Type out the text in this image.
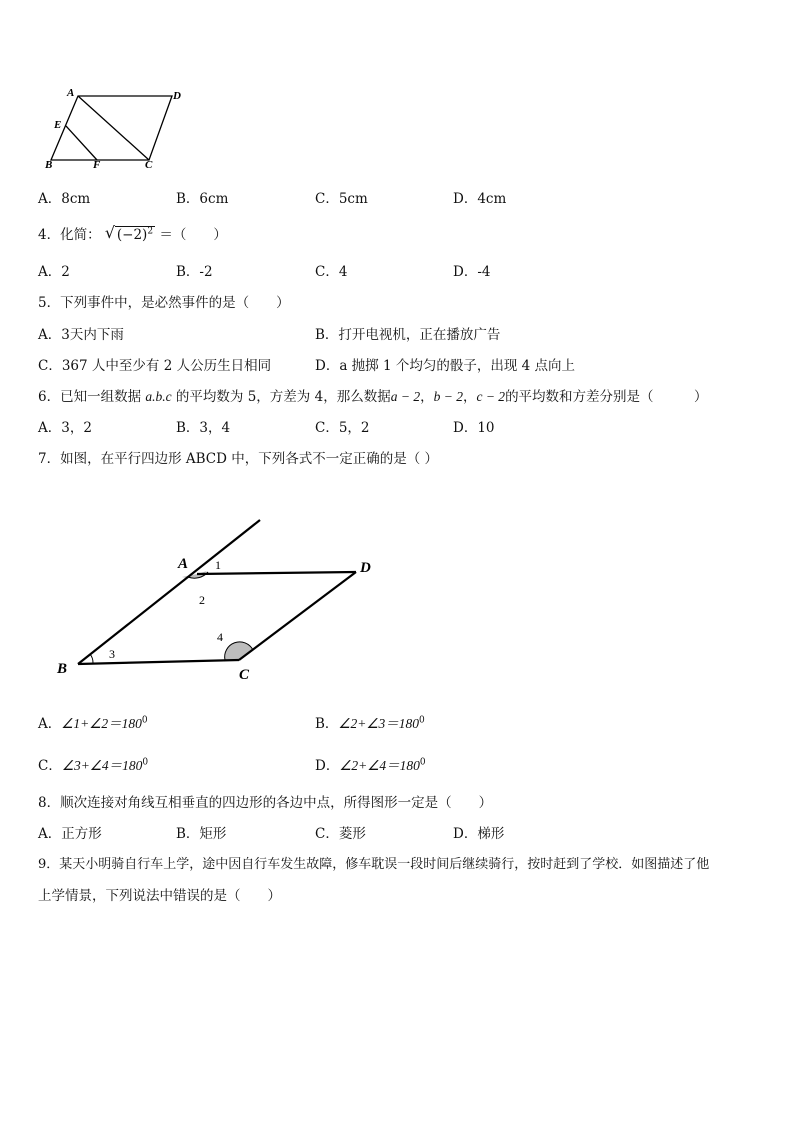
A	D
E
B	F	C
A．8cm	B．6cm	C．5cm	D．4cm
4．化简： √ $(-2)^2$ ＝（　　）
A．2	B．-2	C．4	D．-4
5．下列事件中，是必然事件的是（　　）
A．3天内下雨	B．打开电视机，正在播放广告
C．367 人中至少有 2 人公历生日相同	D．a 抛掷 1 个均匀的骰子，出现 4 点向上
6．已知一组数据 a.b.c 的平均数为 5，方差为 4，那么数据a − 2，b − 2，c − 2的平均数和方差分别是（　　　）
A．3，2	B．3，4	C．5，2	D．10
7．如图，在平行四边形 ABCD 中，下列各式不一定正确的是（ ）
A	D
B	C
1
2
3
4
A．$\angle 1+\angle 2=180^0$	B．$\angle 2+\angle 3=180^0$
C．$\angle 3+\angle 4=180^0$	D．$\angle 2+\angle 4=180^0$
8．顺次连接对角线互相垂直的四边形的各边中点，所得图形一定是（　　）
A．正方形	B．矩形	C．菱形	D．梯形
9．某天小明骑自行车上学，途中因自行车发生故障，修车耽误一段时间后继续骑行，按时赶到了学校．如图描述了他
上学情景，下列说法中错误的是（　　）
